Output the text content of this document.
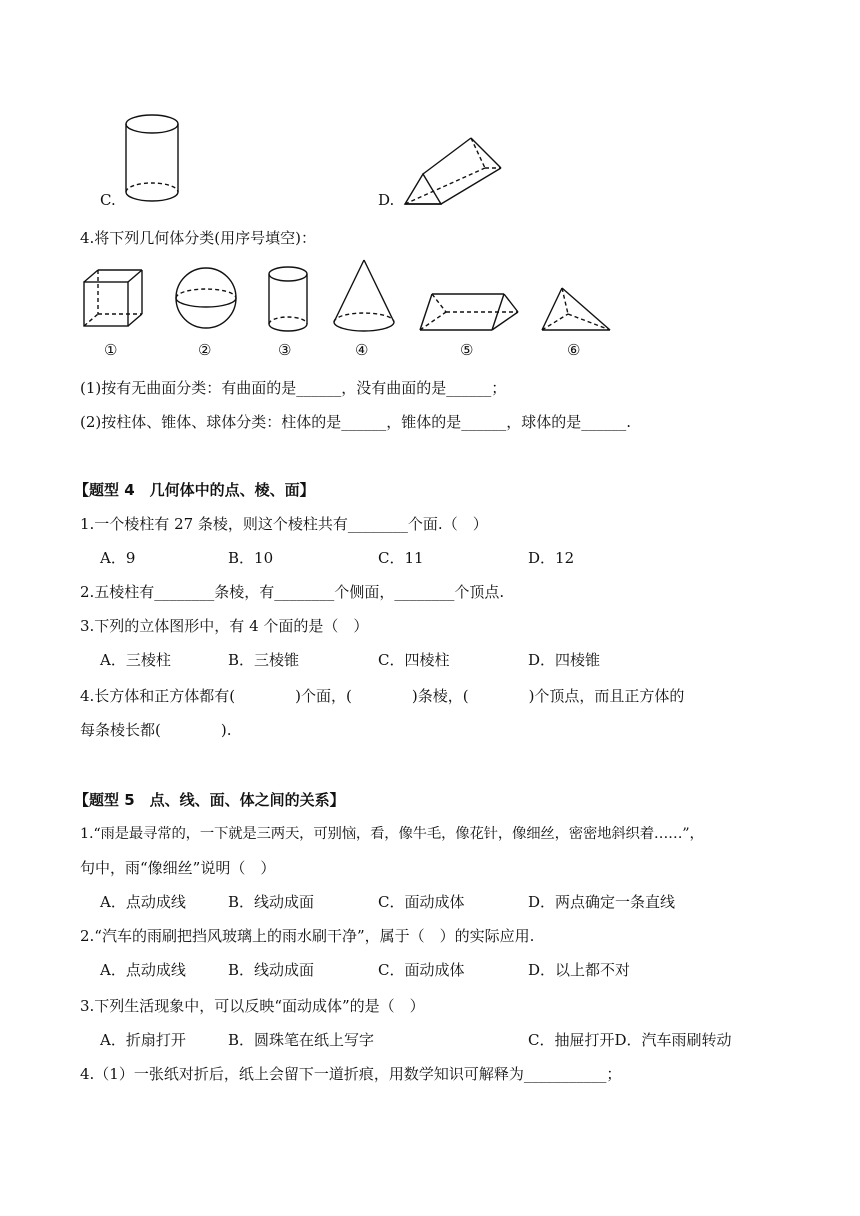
C.	D.
4.将下列几何体分类(用序号填空)：
①	②	③	④	⑤	⑥
(1)按有无曲面分类：有曲面的是______，没有曲面的是______；
(2)按柱体、锥体、球体分类：柱体的是______，锥体的是______，球体的是______.
【题型 4　几何体中的点、棱、面】
1.一个棱柱有 27 条棱，则这个棱柱共有________个面.（　）
A．9	B．10	C．11	D．12
2.五棱柱有________条棱，有________个侧面，________个顶点.
3.下列的立体图形中，有 4 个面的是（　）
A．三棱柱	B．三棱锥	C．四棱柱	D．四棱锥
4.长方体和正方体都有(　　　　)个面，(　　　　)条棱，(　　　　)个顶点，而且正方体的
每条棱长都(　　　　).
【题型 5　点、线、面、体之间的关系】
1.“雨是最寻常的，一下就是三两天，可别恼，看，像牛毛，像花针，像细丝，密密地斜织着……”，
句中，雨“像细丝”说明（　）
A．点动成线	B．线动成面	C．面动成体	D．两点确定一条直线
2.“汽车的雨刷把挡风玻璃上的雨水刷干净”，属于（　）的实际应用.
A．点动成线	B．线动成面	C．面动成体	D．以上都不对
3.下列生活现象中，可以反映“面动成体”的是（　）
A．折扇打开	B．圆珠笔在纸上写字	C．抽屉打开D．汽车雨刷转动
4.（1）一张纸对折后，纸上会留下一道折痕，用数学知识可解释为___________；
